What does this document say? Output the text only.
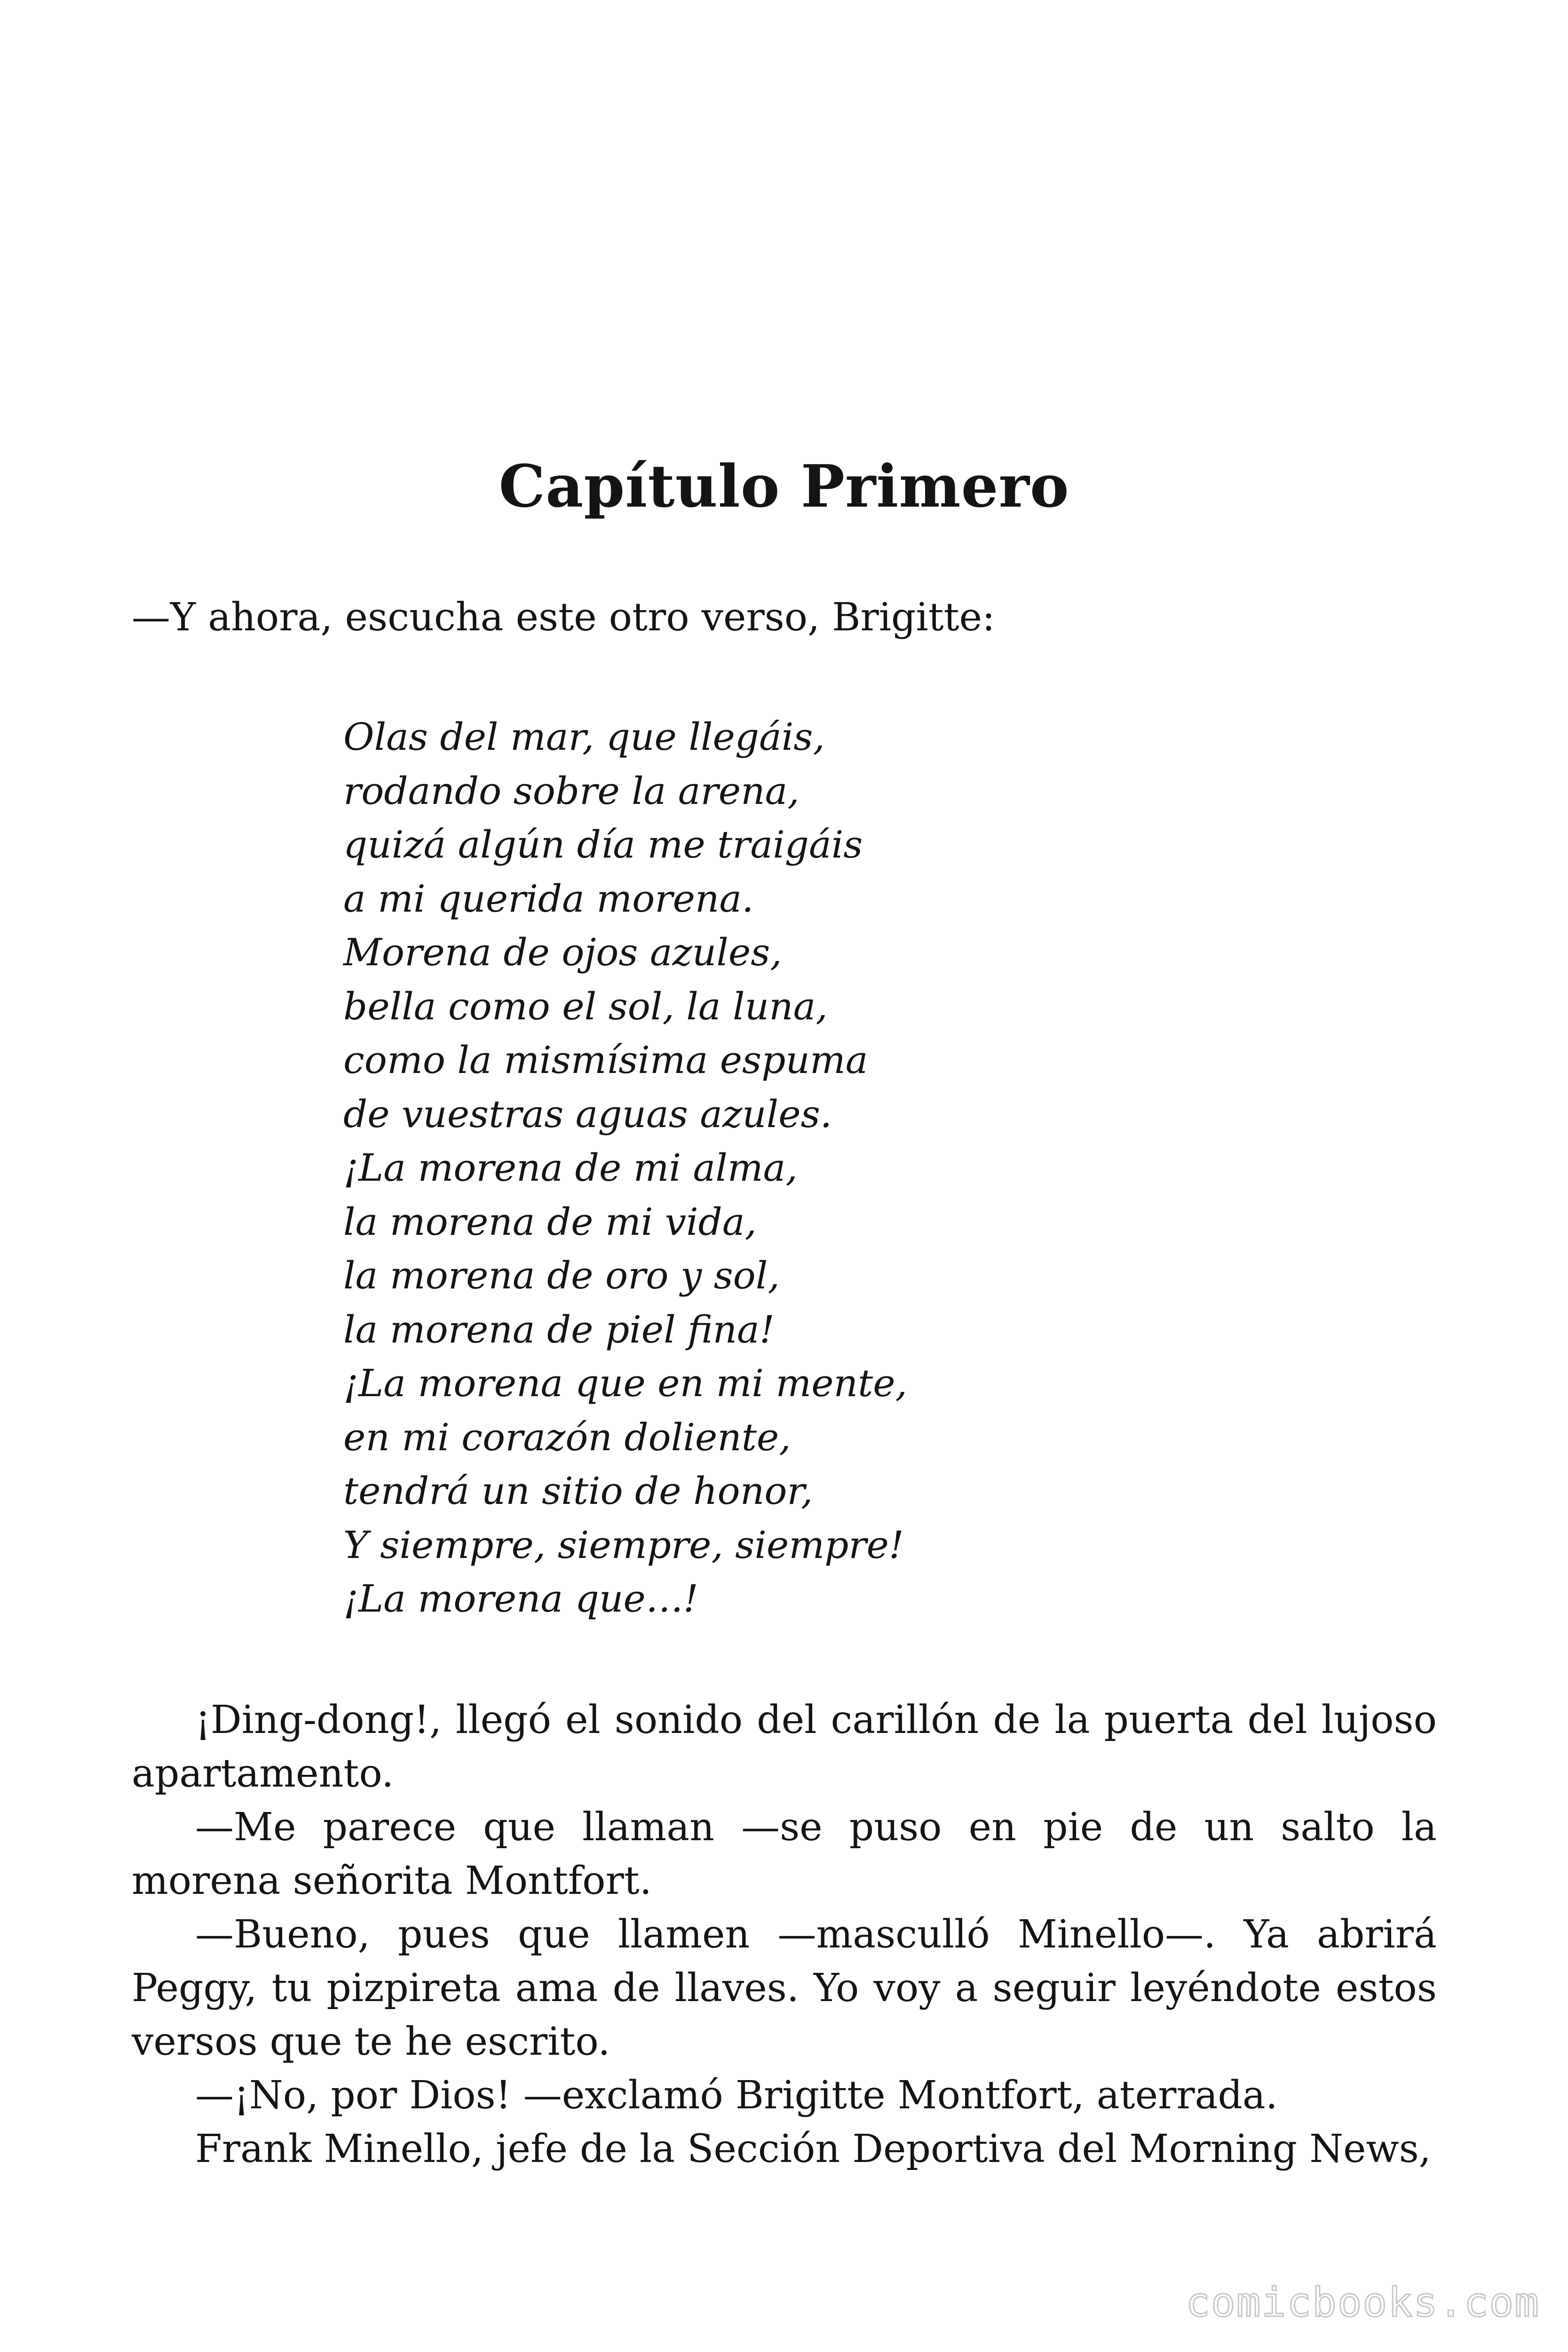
Capítulo Primero

—Y ahora, escucha este otro verso, Brigitte:

Olas del mar, que llegáis,
rodando sobre la arena,
quizá algún día me traigáis
a mi querida morena.
Morena de ojos azules,
bella como el sol, la luna,
como la mismísima espuma
de vuestras aguas azules.
¡La morena de mi alma,
la morena de mi vida,
la morena de oro y sol,
la morena de piel fina!
¡La morena que en mi mente,
en mi corazón doliente,
tendrá un sitio de honor,
Y siempre, siempre, siempre!
¡La morena que…!

¡Ding-dong!, llegó el sonido del carillón de la puerta del lujoso apartamento.

—Me parece que llaman —se puso en pie de un salto la morena señorita Montfort.

—Bueno, pues que llamen —masculló Minello—. Ya abrirá Peggy, tu pizpireta ama de llaves. Yo voy a seguir leyéndote estos versos que te he escrito.

—¡No, por Dios! —exclamó Brigitte Montfort, aterrada.

Frank Minello, jefe de la Sección Deportiva del Morning News,

comicbooks.com
